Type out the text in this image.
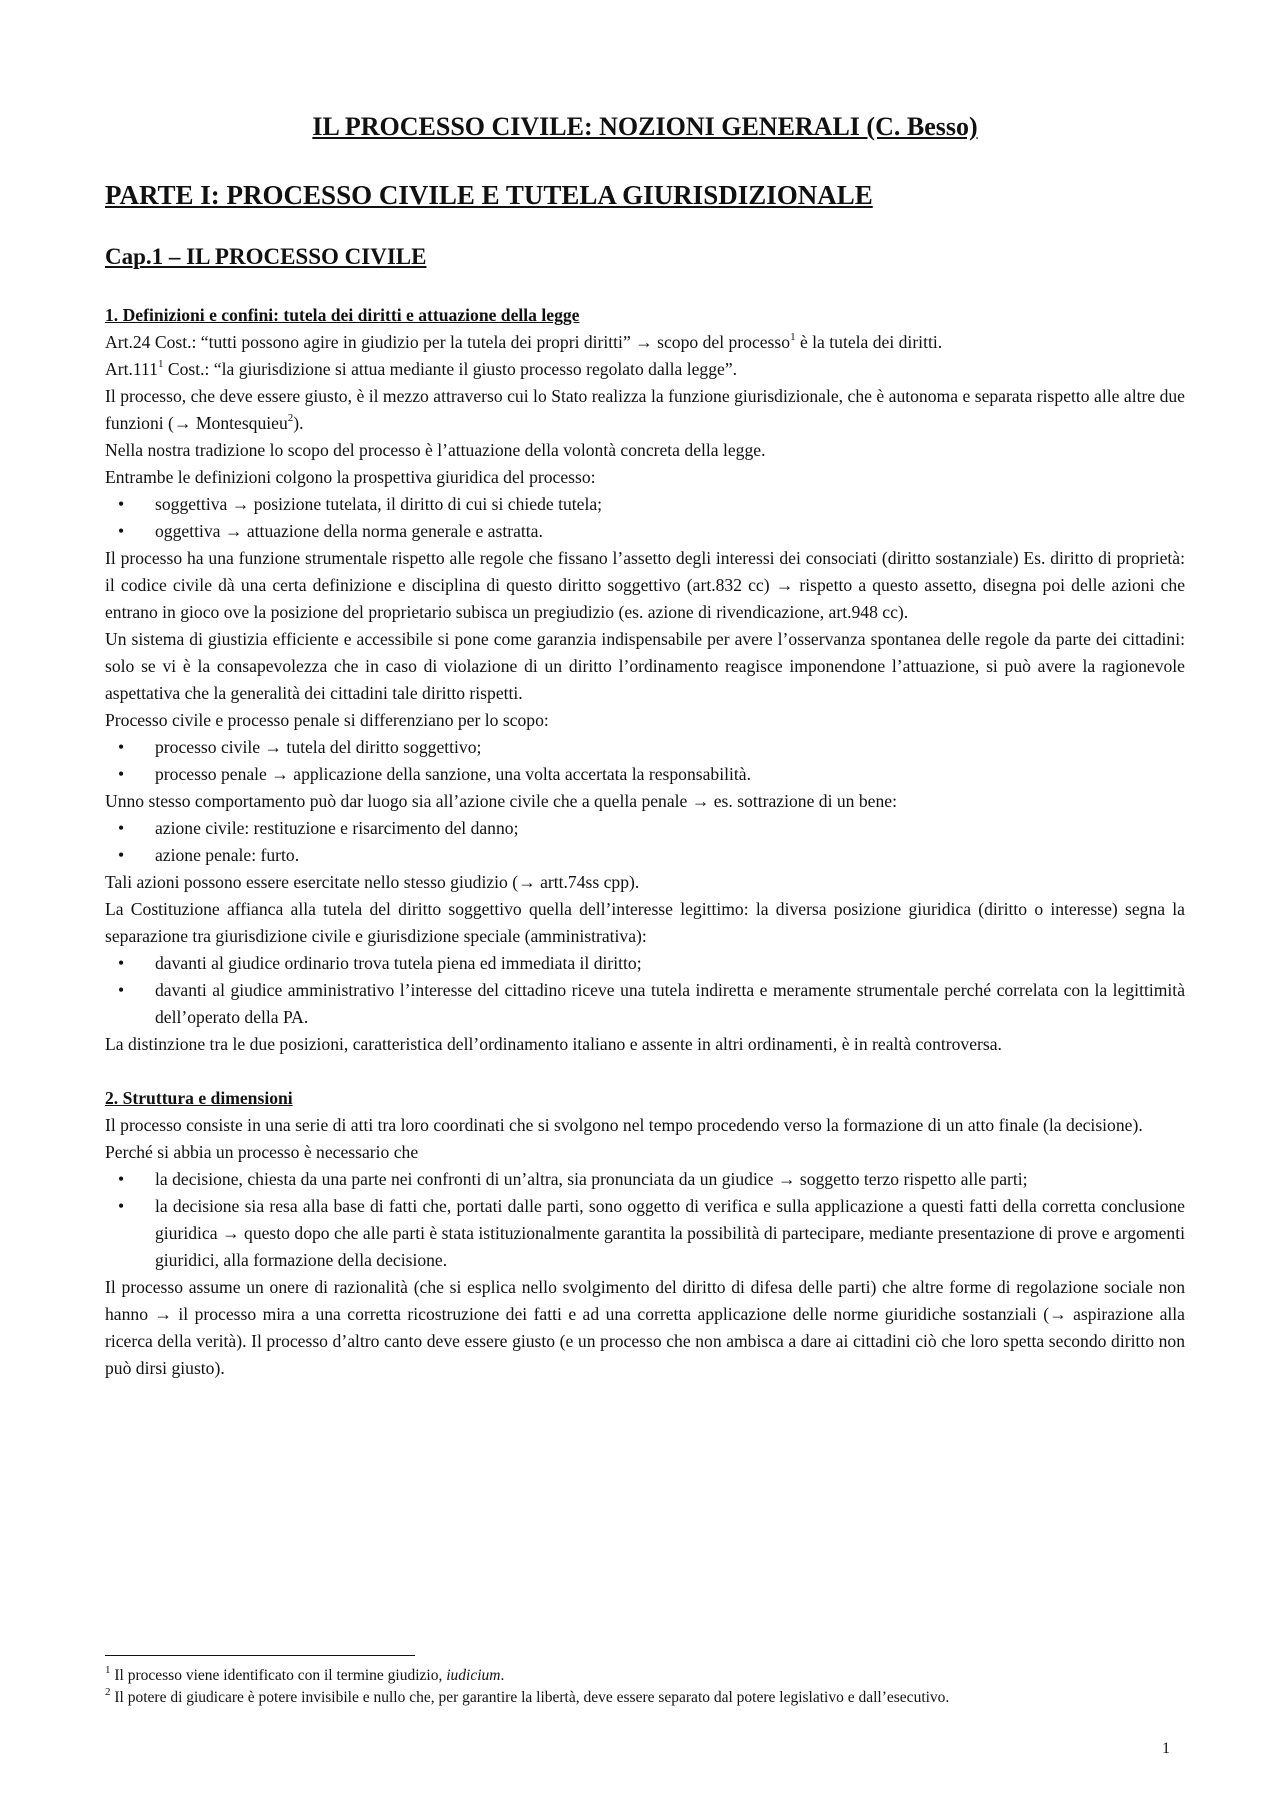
IL PROCESSO CIVILE: NOZIONI GENERALI (C. Besso)
PARTE I: PROCESSO CIVILE E TUTELA GIURISDIZIONALE
Cap.1 – IL PROCESSO CIVILE

1. Definizioni e confini: tutela dei diritti e attuazione della legge

Art.24 Cost.: “tutti possono agire in giudizio per la tutela dei propri diritti” → scopo del processo$^1$ è la tutela dei diritti.

Art.111$^1$ Cost.: “la giurisdizione si attua mediante il giusto processo regolato dalla legge”.

Il processo, che deve essere giusto, è il mezzo attraverso cui lo Stato realizza la funzione giurisdizionale, che è autonoma e separata rispetto alle altre due funzioni (→ Montesquieu$^2$).

Nella nostra tradizione lo scopo del processo è l’attuazione della volontà concreta della legge.

Entrambe le definizioni colgono la prospettiva giuridica del processo:

• soggettiva → posizione tutelata, il diritto di cui si chiede tutela;
• oggettiva → attuazione della norma generale e astratta.

Il processo ha una funzione strumentale rispetto alle regole che fissano l’assetto degli interessi dei consociati (diritto sostanziale) Es. diritto di proprietà: il codice civile dà una certa definizione e disciplina di questo diritto soggettivo (art.832 cc) → rispetto a questo assetto, disegna poi delle azioni che entrano in gioco ove la posizione del proprietario subisca un pregiudizio (es. azione di rivendicazione, art.948 cc).

Un sistema di giustizia efficiente e accessibile si pone come garanzia indispensabile per avere l’osservanza spontanea delle regole da parte dei cittadini: solo se vi è la consapevolezza che in caso di violazione di un diritto l’ordinamento reagisce imponendone l’attuazione, si può avere la ragionevole aspettativa che la generalità dei cittadini tale diritto rispetti.

Processo civile e processo penale si differenziano per lo scopo:

• processo civile → tutela del diritto soggettivo;
• processo penale → applicazione della sanzione, una volta accertata la responsabilità.

Unno stesso comportamento può dar luogo sia all’azione civile che a quella penale → es. sottrazione di un bene:

• azione civile: restituzione e risarcimento del danno;
• azione penale: furto.

Tali azioni possono essere esercitate nello stesso giudizio (→ artt.74ss cpp).

La Costituzione affianca alla tutela del diritto soggettivo quella dell’interesse legittimo: la diversa posizione giuridica (diritto o interesse) segna la separazione tra giurisdizione civile e giurisdizione speciale (amministrativa):

• davanti al giudice ordinario trova tutela piena ed immediata il diritto;
• davanti al giudice amministrativo l’interesse del cittadino riceve una tutela indiretta e meramente strumentale perché correlata con la legittimità dell’operato della PA.

La distinzione tra le due posizioni, caratteristica dell’ordinamento italiano e assente in altri ordinamenti, è in realtà controversa.

2. Struttura e dimensioni

Il processo consiste in una serie di atti tra loro coordinati che si svolgono nel tempo procedendo verso la formazione di un atto finale (la decisione).

Perché si abbia un processo è necessario che

• la decisione, chiesta da una parte nei confronti di un’altra, sia pronunciata da un giudice → soggetto terzo rispetto alle parti;
• la decisione sia resa alla base di fatti che, portati dalle parti, sono oggetto di verifica e sulla applicazione a questi fatti della corretta conclusione giuridica → questo dopo che alle parti è stata istituzionalmente garantita la possibilità di partecipare, mediante presentazione di prove e argomenti giuridici, alla formazione della decisione.

Il processo assume un onere di razionalità (che si esplica nello svolgimento del diritto di difesa delle parti) che altre forme di regolazione sociale non hanno → il processo mira a una corretta ricostruzione dei fatti e ad una corretta applicazione delle norme giuridiche sostanziali (→ aspirazione alla ricerca della verità). Il processo d’altro canto deve essere giusto (e un processo che non ambisca a dare ai cittadini ciò che loro spetta secondo diritto non può dirsi giusto).

$^1$ Il processo viene identificato con il termine giudizio, iudicium.

$^2$ Il potere di giudicare è potere invisibile e nullo che, per garantire la libertà, deve essere separato dal potere legislativo e dall’esecutivo.

1
